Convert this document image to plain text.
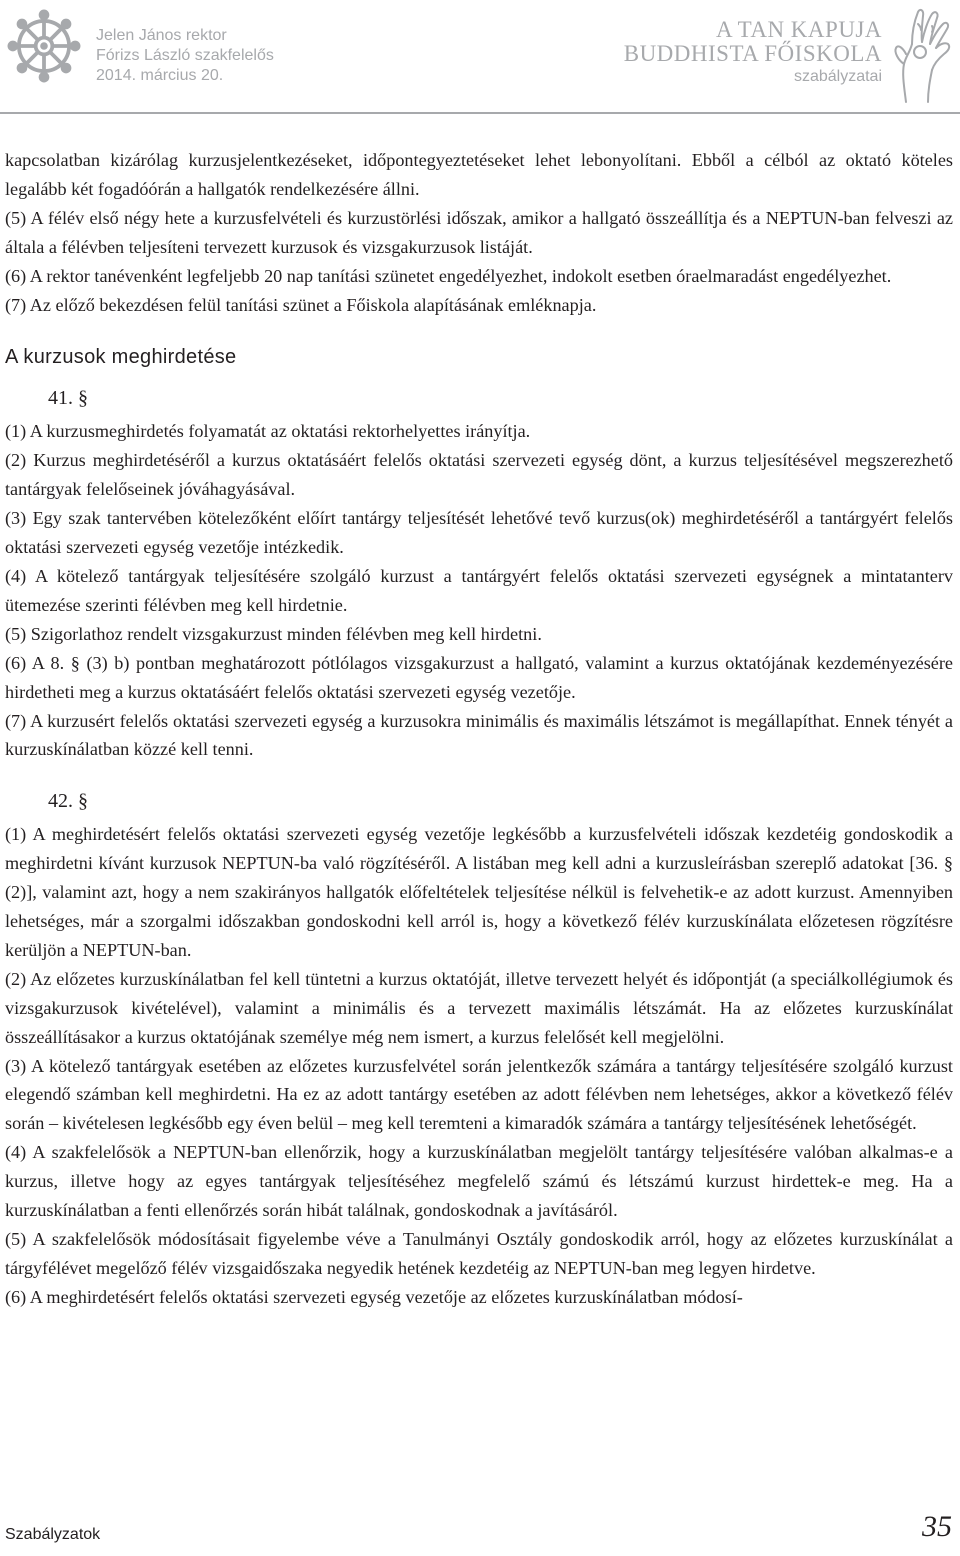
Jelen János rektor
Fórizs László szakfelelős
2014. március 20.
A TAN KAPUJA
BUDDHISTA FŐISKOLA
szabályzatai

kapcsolatban kizárólag kurzusjelentkezéseket, időpontegyeztetéseket lehet lebonyolítani. Ebből a célból az oktató köteles legalább két fogadóórán a hallgatók rendelkezésére állni.

(5) A félév első négy hete a kurzusfelvételi és kurzustörlési időszak, amikor a hallgató összeállítja és a NEPTUN-ban felveszi az általa a félévben teljesíteni tervezett kurzusok és vizsgakurzusok listáját.

(6) A rektor tanévenként legfeljebb 20 nap tanítási szünetet engedélyezhet, indokolt esetben óraelmaradást engedélyezhet.

(7) Az előző bekezdésen felül tanítási szünet a Főiskola alapításának emléknapja.

A kurzusok meghirdetése
41. §

(1) A kurzusmeghirdetés folyamatát az oktatási rektorhelyettes irányítja.

(2) Kurzus meghirdetéséről a kurzus oktatásáért felelős oktatási szervezeti egység dönt, a kurzus teljesítésével megszerezhető tantárgyak felelőseinek jóváhagyásával.

(3) Egy szak tantervében kötelezőként előírt tantárgy teljesítését lehetővé tevő kurzus(ok) meghirdetéséről a tantárgyért felelős oktatási szervezeti egység vezetője intézkedik.

(4) A kötelező tantárgyak teljesítésére szolgáló kurzust a tantárgyért felelős oktatási szervezeti egységnek a mintatanterv ütemezése szerinti félévben meg kell hirdetnie.

(5) Szigorlathoz rendelt vizsgakurzust minden félévben meg kell hirdetni.

(6) A 8. § (3) b) pontban meghatározott pótlólagos vizsgakurzust a hallgató, valamint a kurzus oktatójának kezdeményezésére hirdetheti meg a kurzus oktatásáért felelős oktatási szervezeti egység vezetője.

(7) A kurzusért felelős oktatási szervezeti egység a kurzusokra minimális és maximális létszámot is megállapíthat. Ennek tényét a kurzuskínálatban közzé kell tenni.

42. §

(1) A meghirdetésért felelős oktatási szervezeti egység vezetője legkésőbb a kurzusfelvételi időszak kezdetéig gondoskodik a meghirdetni kívánt kurzusok NEPTUN-ba való rögzítéséről. A listában meg kell adni a kurzusleírásban szereplő adatokat [36. § (2)], valamint azt, hogy a nem szakirányos hallgatók előfeltételek teljesítése nélkül is felvehetik-e az adott kurzust. Amennyiben lehetséges, már a szorgalmi időszakban gondoskodni kell arról is, hogy a következő félév kurzuskínálata előzetesen rögzítésre kerüljön a NEPTUN-ban.

(2) Az előzetes kurzuskínálatban fel kell tüntetni a kurzus oktatóját, illetve tervezett helyét és időpontját (a speciálkollégiumok és vizsgakurzusok kivételével), valamint a minimális és a tervezett maximális létszámát. Ha az előzetes kurzuskínálat összeállításakor a kurzus oktatójának személye még nem ismert, a kurzus felelősét kell megjelölni.

(3) A kötelező tantárgyak esetében az előzetes kurzusfelvétel során jelentkezők számára a tantárgy teljesítésére szolgáló kurzust elegendő számban kell meghirdetni. Ha ez az adott tantárgy esetében az adott félévben nem lehetséges, akkor a következő félév során – kivételesen legkésőbb egy éven belül – meg kell teremteni a kimaradók számára a tantárgy teljesítésének lehetőségét.

(4) A szakfelelősök a NEPTUN-ban ellenőrzik, hogy a kurzuskínálatban megjelölt tantárgy teljesítésére valóban alkalmas-e a kurzus, illetve hogy az egyes tantárgyak teljesítéséhez megfelelő számú és létszámú kurzust hirdettek-e meg. Ha a kurzuskínálatban a fenti ellenőrzés során hibát találnak, gondoskodnak a javításáról.

(5) A szakfelelősök módosításait figyelembe véve a Tanulmányi Osztály gondoskodik arról, hogy az előzetes kurzuskínálat a tárgyfélévet megelőző félév vizsgaidőszaka negyedik hetének kezdetéig az NEPTUN-ban meg legyen hirdetve.

(6) A meghirdetésért felelős oktatási szervezeti egység vezetője az előzetes kurzuskínálatban módosí-

Szabályzatok	35
